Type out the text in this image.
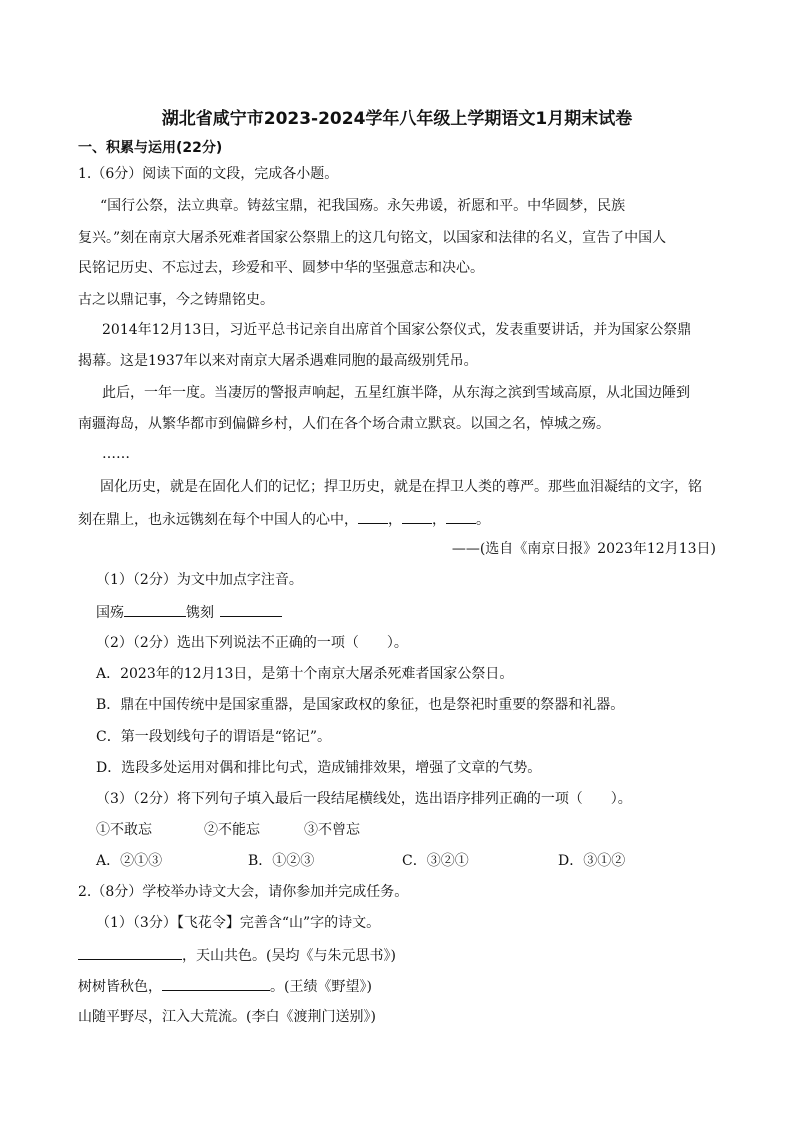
湖北省咸宁市2023-2024学年八年级上学期语文1月期末试卷
一、积累与运用(22分)
1.（6分）阅读下面的文段，完成各小题。
“国行公祭，法立典章。铸兹宝鼎，祀我国殇。永矢弗谖，祈愿和平。中华圆梦，民族
复兴。”刻在南京大屠杀死难者国家公祭鼎上的这几句铭文，以国家和法律的名义，宣告了中国人
民铭记历史、不忘过去，珍爱和平、圆梦中华的坚强意志和决心。
古之以鼎记事，今之铸鼎铭史。
2014年12月13日，习近平总书记亲自出席首个国家公祭仪式，发表重要讲话，并为国家公祭鼎
揭幕。这是1937年以来对南京大屠杀遇难同胞的最高级别凭吊。
此后，一年一度。当凄厉的警报声响起，五星红旗半降，从东海之滨到雪域高原，从北国边陲到
南疆海岛，从繁华都市到偏僻乡村，人们在各个场合肃立默哀。以国之名，悼城之殇。
……
固化历史，就是在固化人们的记忆；捍卫历史，就是在捍卫人类的尊严。那些血泪凝结的文字，铭
刻在鼎上，也永远镌刻在每个中国人的心中， ， ， 。
——(选自《南京日报》2023年12月13日)
（1）（2分）为文中加点字注音。
国殇	镌刻
（2）（2分）选出下列说法不正确的一项（　　）。
A．2023年的12月13日，是第十个南京大屠杀死难者国家公祭日。
B．鼎在中国传统中是国家重器，是国家政权的象征，也是祭祀时重要的祭器和礼器。
C．第一段划线句子的谓语是“铭记”。
D．选段多处运用对偶和排比句式，造成铺排效果，增强了文章的气势。
（3）（2分）将下列句子填入最后一段结尾横线处，选出语序排列正确的一项（　　）。
①不敢忘	②不能忘	③不曾忘
A．②①③	B．①②③	C．③②①	D．③①②
2.（8分）学校举办诗文大会，请你参加并完成任务。
（1）（3分）【飞花令】完善含“山”字的诗文。
，天山共色。(吴均《与朱元思书》)
树树皆秋色，	。(王绩《野望》)
山随平野尽，江入大荒流。(李白《渡荆门送别》)
